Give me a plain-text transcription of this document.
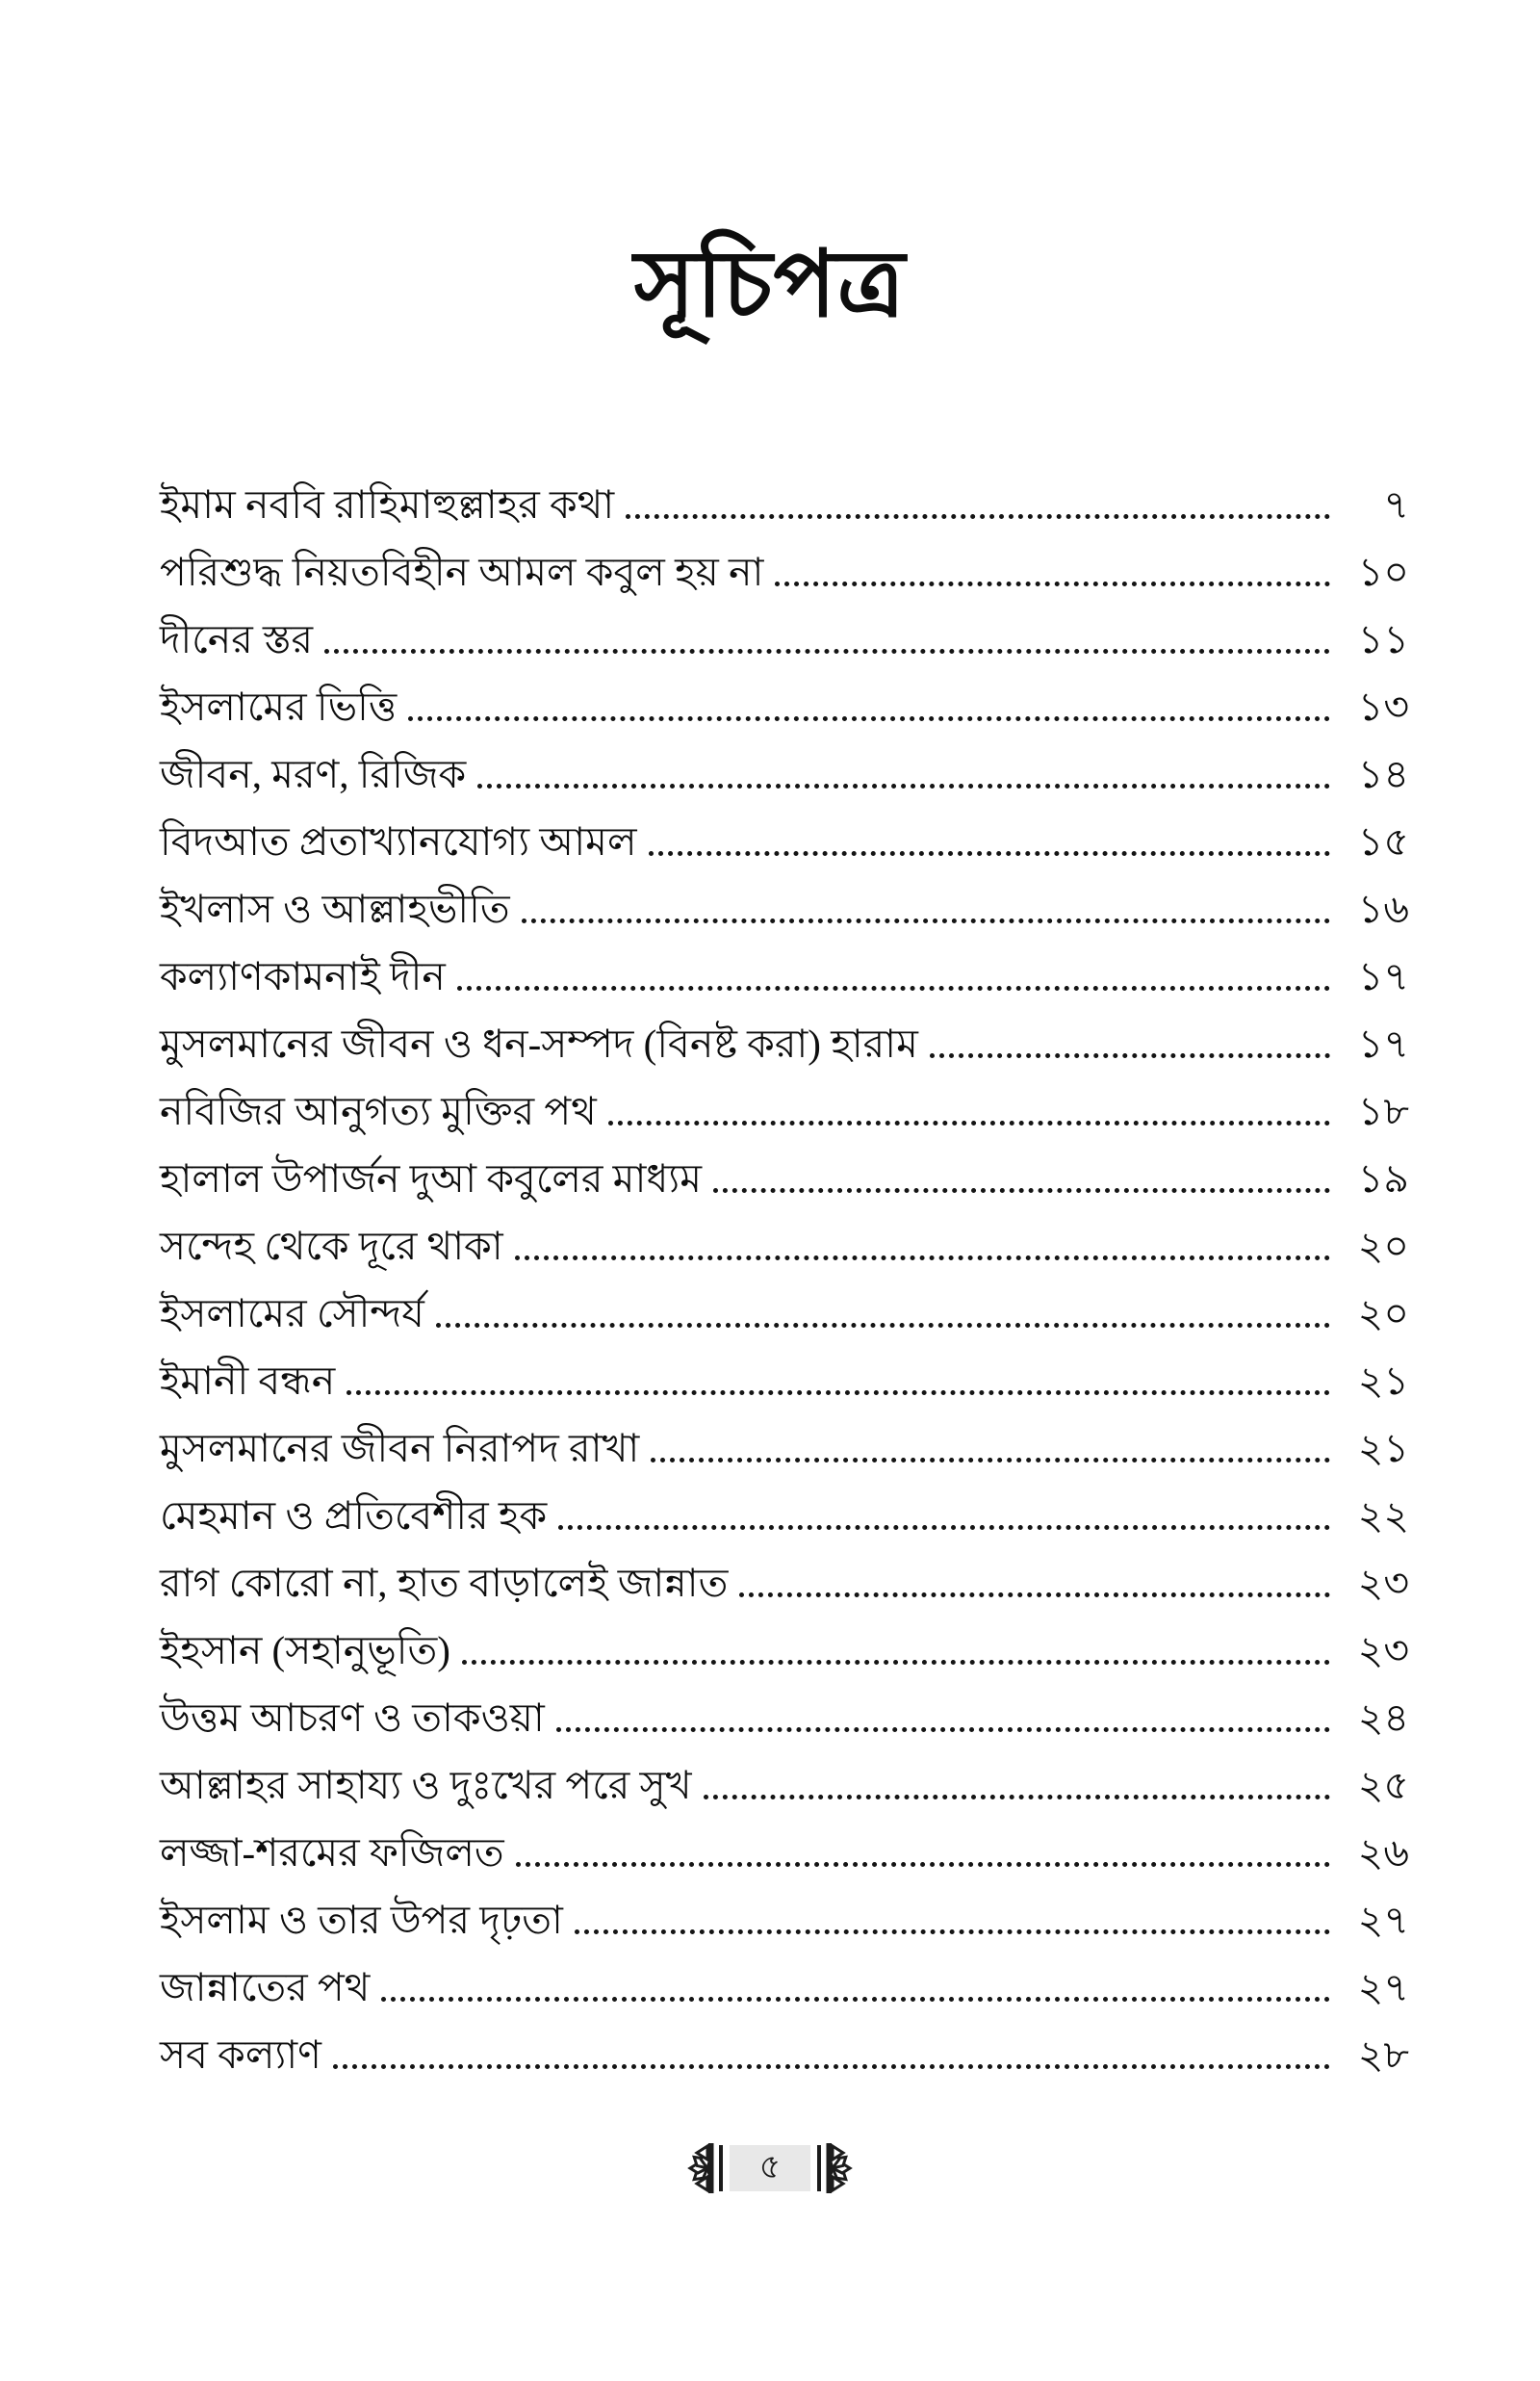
সূচিপত্র
ইমাম নববি রাহিমাহুল্লাহর কথা	৭
পরিশুদ্ধ নিয়তবিহীন আমল কবুল হয় না	১০
দীনের স্তর	১১
ইসলামের ভিত্তি	১৩
জীবন, মরণ, রিজিক	১৪
বিদআত প্রতাখ্যানযোগ্য আমল	১৫
ইখলাস ও আল্লাহভীতি	১৬
কল্যাণকামনাই দীন	১৭
মুসলমানের জীবন ও ধন-সম্পদ (বিনষ্ট করা) হারাম	১৭
নবিজির আনুগত্য মুক্তির পথ	১৮
হালাল উপার্জন দুআ কবুলের মাধ্যম	১৯
সন্দেহ থেকে দূরে থাকা	২০
ইসলামের সৌন্দর্য	২০
ইমানী বন্ধন	২১
মুসলমানের জীবন নিরাপদ রাখা	২১
মেহমান ও প্রতিবেশীর হক	২২
রাগ কোরো না, হাত বাড়ালেই জান্নাত	২৩
ইহসান (সহানুভূতি)	২৩
উত্তম আচরণ ও তাকওয়া	২৪
আল্লাহর সাহায্য ও দুঃখের পরে সুখ	২৫
লজ্জা-শরমের ফজিলত	২৬
ইসলাম ও তার উপর দৃঢ়তা	২৭
জান্নাতের পথ	২৭
সব কল্যাণ	২৮
৫
